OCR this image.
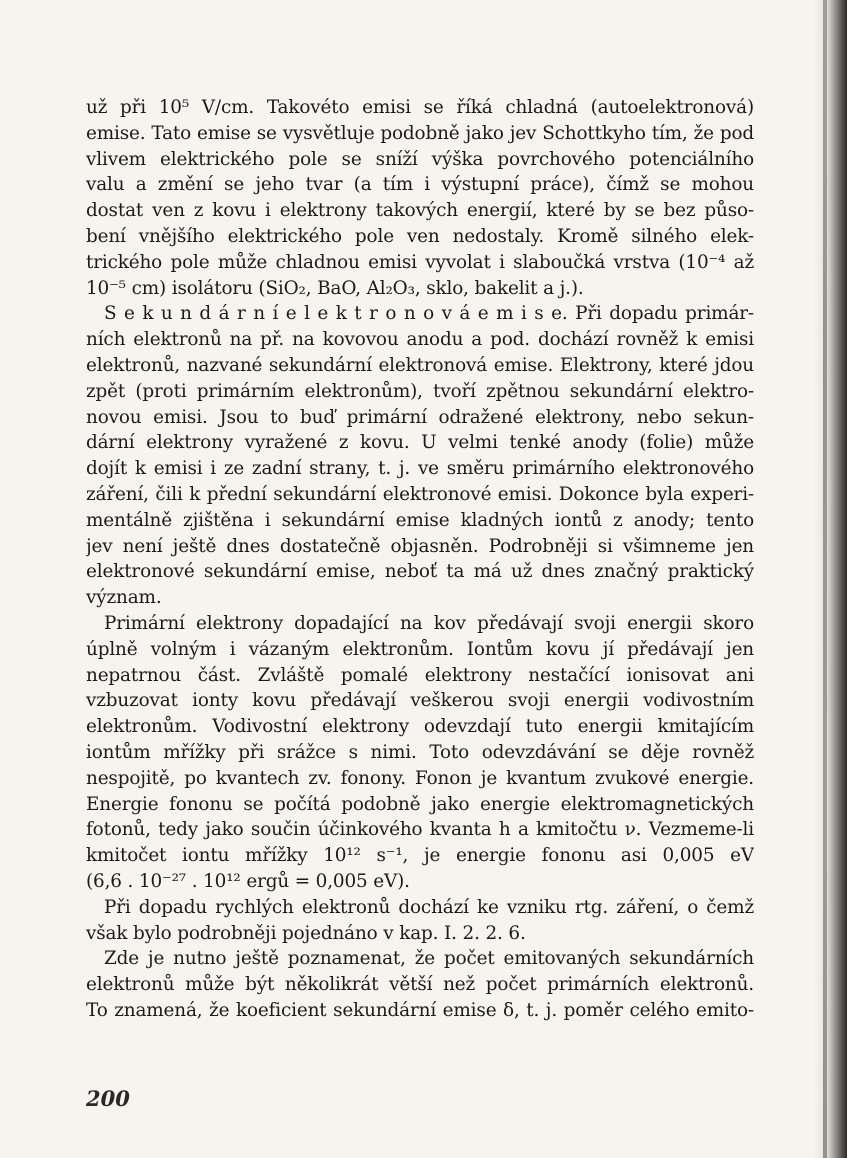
už při 10⁵ V/cm. Takovéto emisi se říká chladná (autoelektronová)
emise. Tato emise se vysvětluje podobně jako jev Schottkyho tím, že pod
vlivem elektrického pole se sníží výška povrchového potenciálního
valu a změní se jeho tvar (a tím i výstupní práce), čímž se mohou
dostat ven z kovu i elektrony takových energií, které by se bez půso-
bení vnějšího elektrického pole ven nedostaly. Kromě silného elek-
trického pole může chladnou emisi vyvolat i slaboučká vrstva (10⁻⁴ až
10⁻⁵ cm) isolátoru (SiO₂, BaO, Al₂O₃, sklo, bakelit a j.).
S e k u n d á r n í e l e k t r o n o v á e m i s e. Při dopadu primár-
ních elektronů na př. na kovovou anodu a pod. dochází rovněž k emisi
elektronů, nazvané sekundární elektronová emise. Elektrony, které jdou
zpět (proti primárním elektronům), tvoří zpětnou sekundární elektro-
novou emisi. Jsou to buď primární odražené elektrony, nebo sekun-
dární elektrony vyražené z kovu. U velmi tenké anody (folie) může
dojít k emisi i ze zadní strany, t. j. ve směru primárního elektronového
záření, čili k přední sekundární elektronové emisi. Dokonce byla experi-
mentálně zjištěna i sekundární emise kladných iontů z anody; tento
jev není ještě dnes dostatečně objasněn. Podrobněji si všimneme jen
elektronové sekundární emise, neboť ta má už dnes značný praktický
význam.
Primární elektrony dopadající na kov předávají svoji energii skoro
úplně volným i vázaným elektronům. Iontům kovu jí předávají jen
nepatrnou část. Zvláště pomalé elektrony nestačící ionisovat ani
vzbuzovat ionty kovu předávají veškerou svoji energii vodivostním
elektronům. Vodivostní elektrony odevzdají tuto energii kmitajícím
iontům mřížky při srážce s nimi. Toto odevzdávání se děje rovněž
nespojitě, po kvantech zv. fonony. Fonon je kvantum zvukové energie.
Energie fononu se počítá podobně jako energie elektromagnetických
fotonů, tedy jako součin účinkového kvanta h a kmitočtu ν. Vezmeme-li
kmitočet iontu mřížky 10¹² s⁻¹, je energie fononu asi 0,005 eV
(6,6 . 10⁻²⁷ . 10¹² ergů = 0,005 eV).
Při dopadu rychlých elektronů dochází ke vzniku rtg. záření, o čemž
však bylo podrobněji pojednáno v kap. I. 2. 2. 6.
Zde je nutno ještě poznamenat, že počet emitovaných sekundárních
elektronů může být několikrát větší než počet primárních elektronů.
To znamená, že koeficient sekundární emise δ, t. j. poměr celého emito-
200
